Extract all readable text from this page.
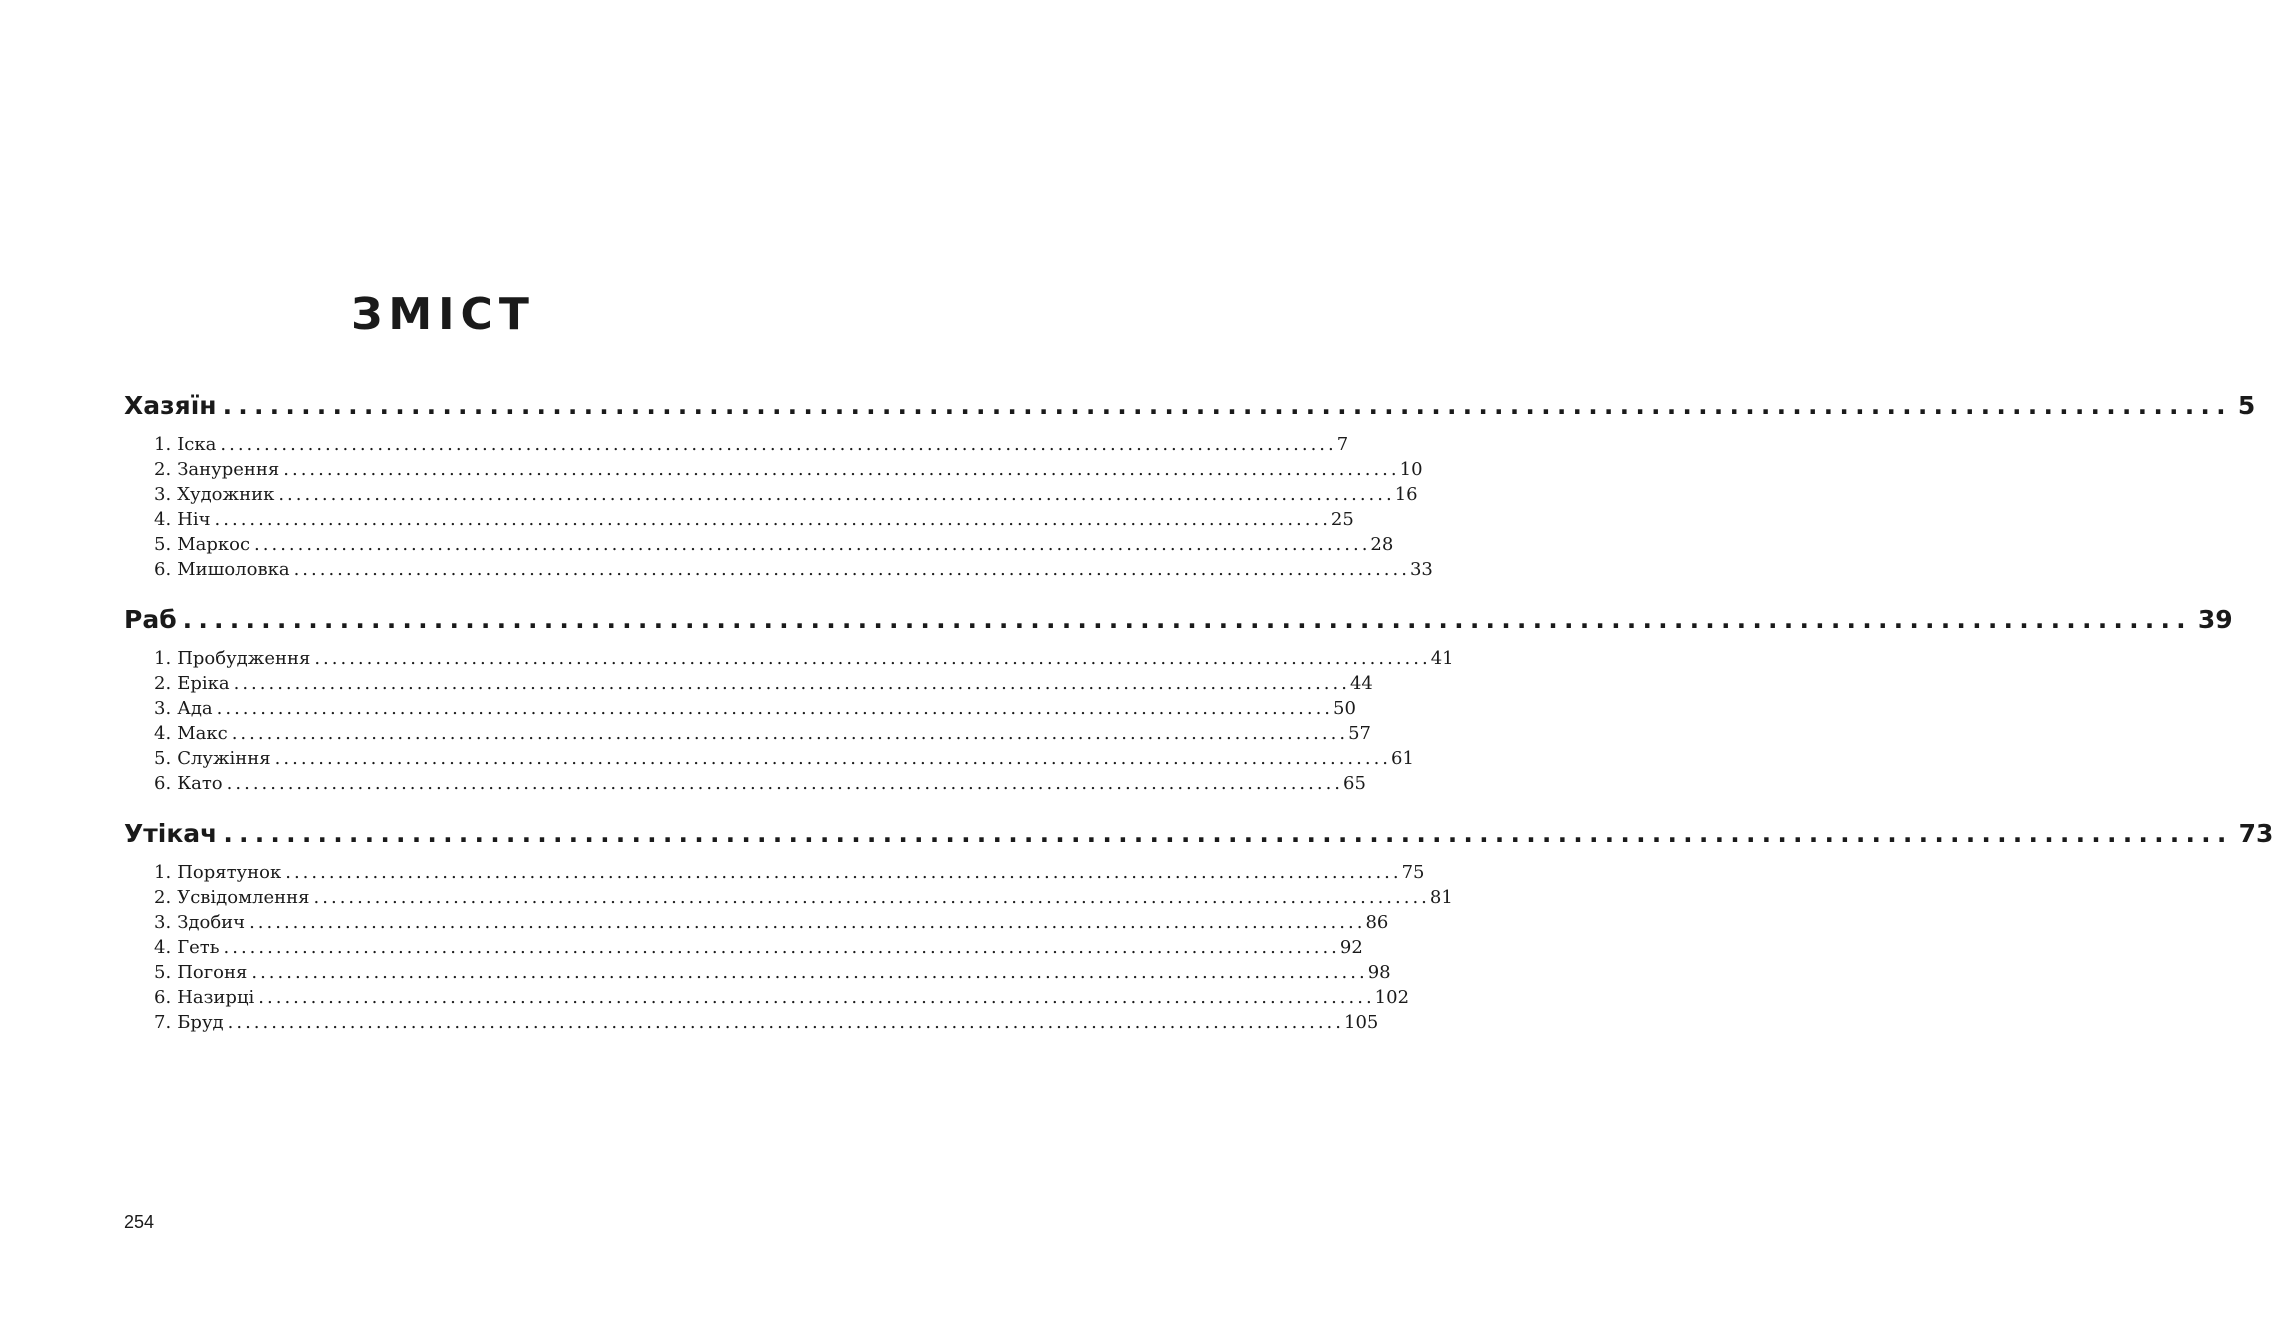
ЗМІСТ
Хазяїн ................................................................................................................................ 5
1. Іска ................................................................................................................................ 7
2. Занурення ................................................................................................................................ 10
3. Художник ................................................................................................................................ 16
4. Ніч ................................................................................................................................ 25
5. Маркос ................................................................................................................................ 28
6. Мишоловка ................................................................................................................................ 33
Раб ................................................................................................................................ 39
1. Пробудження ................................................................................................................................ 41
2. Еріка ................................................................................................................................ 44
3. Ада ................................................................................................................................ 50
4. Макс ................................................................................................................................ 57
5. Служіння ................................................................................................................................ 61
6. Като ................................................................................................................................ 65
Утікач ................................................................................................................................ 73
1. Порятунок ................................................................................................................................ 75
2. Усвідомлення ................................................................................................................................ 81
3. Здобич ................................................................................................................................ 86
4. Геть ................................................................................................................................ 92
5. Погоня ................................................................................................................................ 98
6. Назирці ................................................................................................................................ 102
7. Бруд ................................................................................................................................ 105
254
